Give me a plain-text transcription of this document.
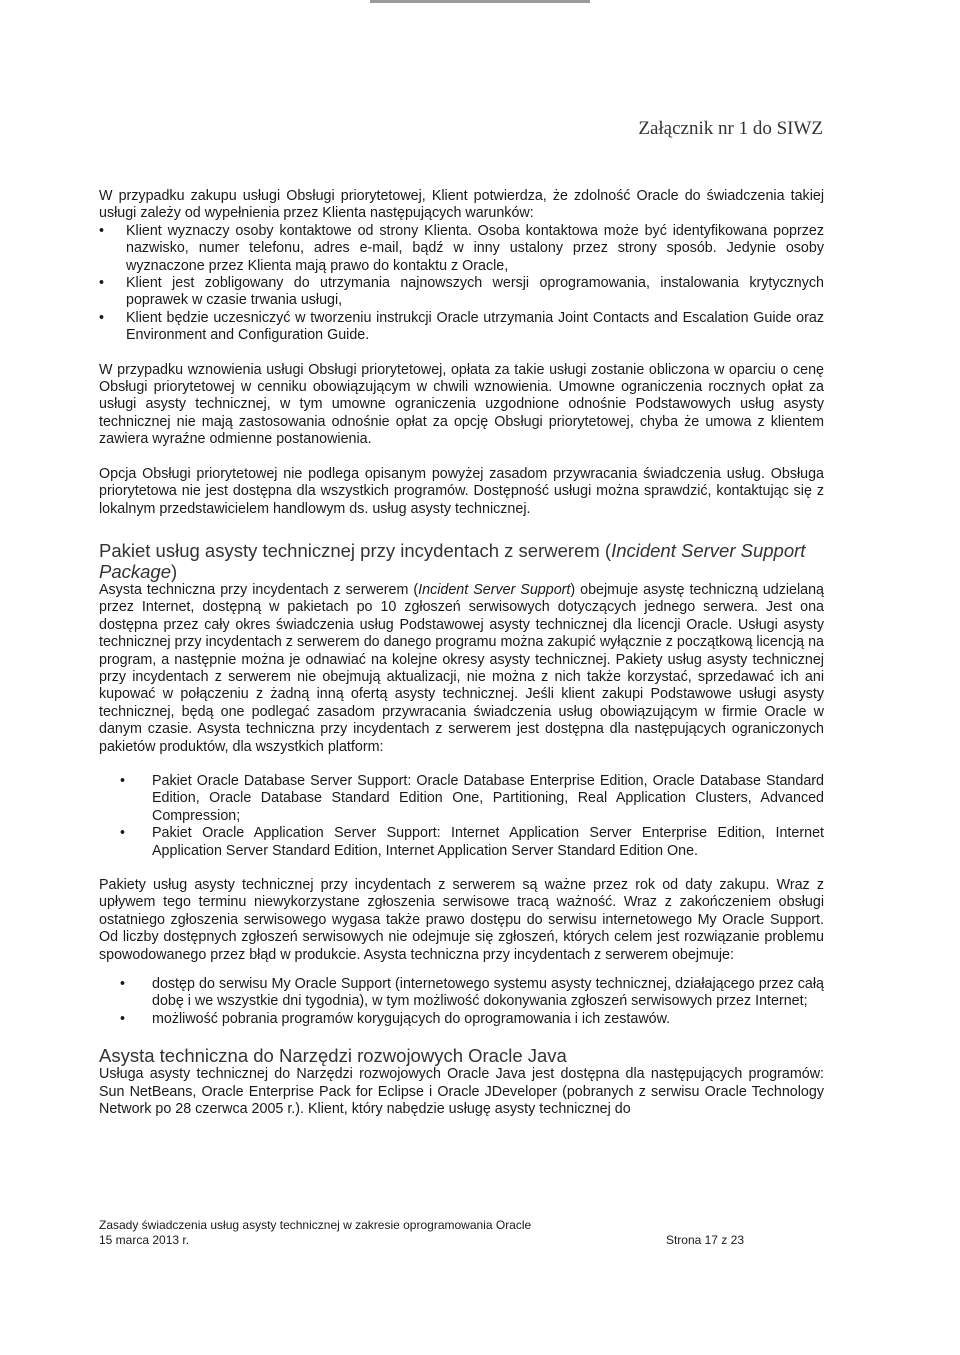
Załącznik nr 1 do SIWZ

W przypadku zakupu usługi Obsługi priorytetowej, Klient potwierdza, że zdolność Oracle do świadczenia takiej usługi zależy od wypełnienia przez Klienta następujących warunków:

• Klient wyznaczy osoby kontaktowe od strony Klienta. Osoba kontaktowa może być identyfikowana poprzez nazwisko, numer telefonu, adres e-mail, bądź w inny ustalony przez strony sposób. Jedynie osoby wyznaczone przez Klienta mają prawo do kontaktu z Oracle,
• Klient jest zobligowany do utrzymania najnowszych wersji oprogramowania, instalowania krytycznych poprawek w czasie trwania usługi,
• Klient będzie uczesniczyć w tworzeniu instrukcji Oracle utrzymania Joint Contacts and Escalation Guide oraz Environment and Configuration Guide.

W przypadku wznowienia usługi Obsługi priorytetowej, opłata za takie usługi zostanie obliczona w oparciu o cenę Obsługi priorytetowej w cenniku obowiązującym w chwili wznowienia. Umowne ograniczenia rocznych opłat za usługi asysty technicznej, w tym umowne ograniczenia uzgodnione odnośnie Podstawowych usług asysty technicznej nie mają zastosowania odnośnie opłat za opcję Obsługi priorytetowej, chyba że umowa z klientem zawiera wyraźne odmienne postanowienia.

Opcja Obsługi priorytetowej nie podlega opisanym powyżej zasadom przywracania świadczenia usług. Obsługa priorytetowa nie jest dostępna dla wszystkich programów. Dostępność usługi można sprawdzić, kontaktując się z lokalnym przedstawicielem handlowym ds. usług asysty technicznej.

Pakiet usług asysty technicznej przy incydentach z serwerem (Incident Server Support Package)

Asysta techniczna przy incydentach z serwerem (Incident Server Support) obejmuje asystę techniczną udzielaną przez Internet, dostępną w pakietach po 10 zgłoszeń serwisowych dotyczących jednego serwera. Jest ona dostępna przez cały okres świadczenia usług Podstawowej asysty technicznej dla licencji Oracle. Usługi asysty technicznej przy incydentach z serwerem do danego programu można zakupić wyłącznie z początkową licencją na program, a następnie można je odnawiać na kolejne okresy asysty technicznej. Pakiety usług asysty technicznej przy incydentach z serwerem nie obejmują aktualizacji, nie można z nich także korzystać, sprzedawać ich ani kupować w połączeniu z żadną inną ofertą asysty technicznej. Jeśli klient zakupi Podstawowe usługi asysty technicznej, będą one podlegać zasadom przywracania świadczenia usług obowiązującym w firmie Oracle w danym czasie. Asysta techniczna przy incydentach z serwerem jest dostępna dla następujących ograniczonych pakietów produktów, dla wszystkich platform:

• Pakiet Oracle Database Server Support: Oracle Database Enterprise Edition, Oracle Database Standard Edition, Oracle Database Standard Edition One, Partitioning, Real Application Clusters, Advanced Compression;
• Pakiet Oracle Application Server Support: Internet Application Server Enterprise Edition, Internet Application Server Standard Edition, Internet Application Server Standard Edition One.

Pakiety usług asysty technicznej przy incydentach z serwerem są ważne przez rok od daty zakupu. Wraz z upływem tego terminu niewykorzystane zgłoszenia serwisowe tracą ważność. Wraz z zakończeniem obsługi ostatniego zgłoszenia serwisowego wygasa także prawo dostępu do serwisu internetowego My Oracle Support. Od liczby dostępnych zgłoszeń serwisowych nie odejmuje się zgłoszeń, których celem jest rozwiązanie problemu spowodowanego przez błąd w produkcie. Asysta techniczna przy incydentach z serwerem obejmuje:

• dostęp do serwisu My Oracle Support (internetowego systemu asysty technicznej, działającego przez całą dobę i we wszystkie dni tygodnia), w tym możliwość dokonywania zgłoszeń serwisowych przez Internet;
• możliwość pobrania programów korygujących do oprogramowania i ich zestawów.
Asysta techniczna do Narzędzi rozwojowych Oracle Java

Usługa asysty technicznej do Narzędzi rozwojowych Oracle Java jest dostępna dla następujących programów: Sun NetBeans, Oracle Enterprise Pack for Eclipse i Oracle JDeveloper (pobranych z serwisu Oracle Technology Network po 28 czerwca 2005 r.). Klient, który nabędzie usługę asysty technicznej do

Zasady świadczenia usług asysty technicznej w zakresie oprogramowania Oracle
15 marca 2013 r.	Strona 17 z 23
